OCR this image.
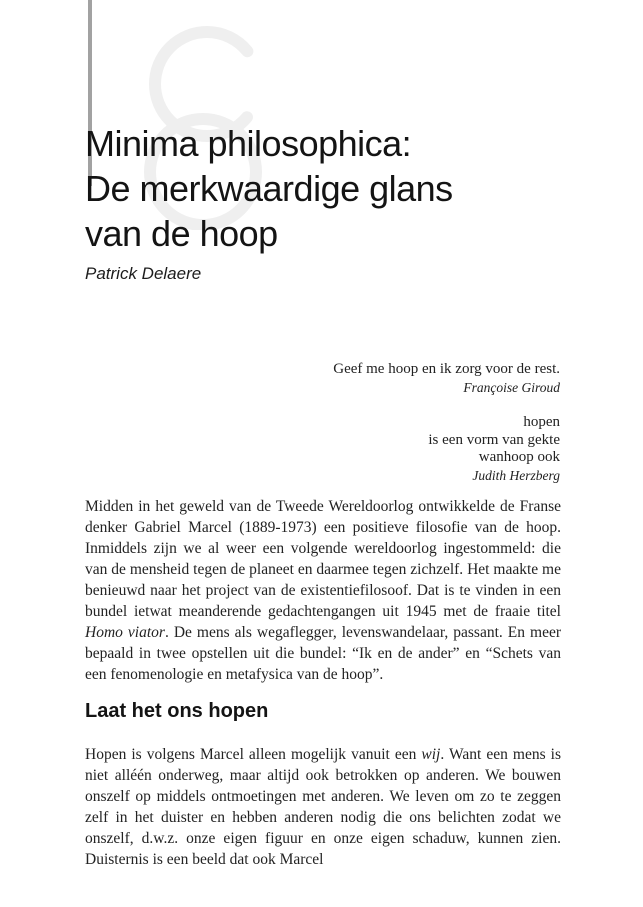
Minima philosophica:
De merkwaardige glans
van de hoop
Patrick Delaere
Geef me hoop en ik zorg voor de rest.
Françoise Giroud
hopen
is een vorm van gekte
wanhoop ook
Judith Herzberg

Midden in het geweld van de Tweede Wereldoorlog ontwikkelde de Franse denker Gabriel Marcel (1889-1973) een positieve filosofie van de hoop. Inmiddels zijn we al weer een volgende wereldoorlog ingestommeld: die van de mensheid tegen de planeet en daarmee tegen zichzelf. Het maakte me benieuwd naar het project van de existentiefilosoof. Dat is te vinden in een bundel ietwat meanderende gedachtengangen uit 1945 met de fraaie titel Homo viator. De mens als wegaflegger, levenswandelaar, passant. En meer bepaald in twee opstellen uit die bundel: “Ik en de ander” en “Schets van een fenomenologie en metafysica van de hoop”.

Laat het ons hopen

Hopen is volgens Marcel alleen mogelijk vanuit een wij. Want een mens is niet alléén onderweg, maar altijd ook betrokken op anderen. We bouwen onszelf op middels ontmoetingen met anderen. We leven om zo te zeggen zelf in het duister en hebben anderen nodig die ons belichten zodat we onszelf, d.w.z. onze eigen figuur en onze eigen schaduw, kunnen zien. Duisternis is een beeld dat ook Marcel
